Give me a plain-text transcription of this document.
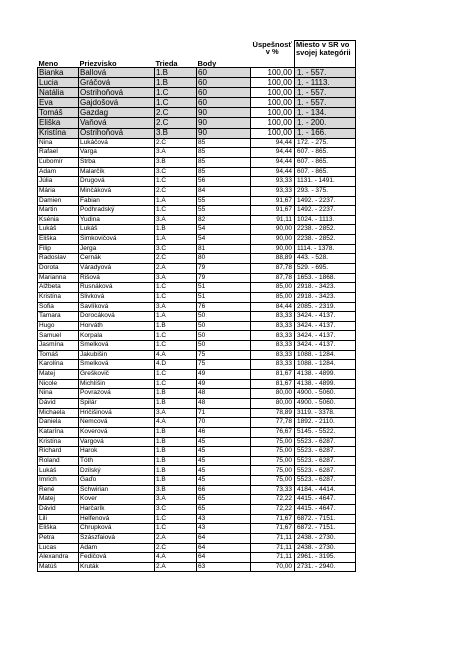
Meno	Priezvisko	Trieda	Body	Úspešnosť
v %	Miesto v SR vo
svojej kategórii
Bianka	Ballová	1.B	60	100,00	1. - 557.
Lucia	Gráčová	1.B	60	100,00	1. - 1113.
Natália	Ostrihoňová	1.C	60	100,00	1. - 557.
Eva	Gajdošová	1.C	60	100,00	1. - 557.
Tomáš	Gazdag	2.C	90	100,00	1. - 134.
Eliška	Vaňová	2.C	90	100,00	1. - 200.
Kristína	Ostrihoňová	3.B	90	100,00	1. - 166.
Nina	Lukáčová	2.C	85	94,44	172. - 275.
Rafael	Varga	3.A	85	94,44	607. - 865.
Ľubomír	Štrba	3.B	85	94,44	607. - 865.
Adam	Malarčík	3.C	85	94,44	607. - 865.
Júlia	Drugová	1.C	56	93,33	1131. - 1491.
Mária	Minčáková	2.C	84	93,33	293. - 375.
Damien	Fabian	1.A	55	91,67	1492. - 2237.
Martin	Podhradský	1.C	55	91,67	1492. - 2237.
Ksénia	Yudina	3.A	82	91,11	1024. - 1113.
Lukáš	Lukáš	1.B	54	90,00	2238. - 2852.
Eliška	Šimkovičová	1.A	54	90,00	2238. - 2852.
Filip	Jerga	3.C	81	90,00	1114. - 1378.
Radoslav	Černák	2.C	80	88,89	443. - 528.
Dorota	Váradyová	2.A	79	87,78	529. - 695.
Marianna	Rišová	3.A	79	87,78	1653. - 1868.
Alžbeta	Rusnáková	1.C	51	85,00	2918. - 3423.
Kristína	Slivková	1.C	51	85,00	2918. - 3423.
Sofia	Šavlíková	3.A	76	84,44	2085. - 2319.
Tamara	Dorocáková	1.A	50	83,33	3424. - 4137.
Hugo	Horváth	1.B	50	83,33	3424. - 4137.
Samuel	Korpala	1.C	50	83,33	3424. - 4137.
Jasmína	Šmelková	1.C	50	83,33	3424. - 4137.
Tomáš	Jakubišin	4.A	75	83,33	1088. - 1284.
Karolína	Šmelková	4.D	75	83,33	1088. - 1284.
Matej	Greškovič	1.C	49	81,67	4138. - 4899.
Nicole	Michlíšin	1.C	49	81,67	4138. - 4899.
Nina	Povrazová	1.B	48	80,00	4900. - 5060.
Dávid	Špilár	1.B	48	80,00	4900. - 5060.
Michaela	Hričišinová	3.A	71	78,89	3119. - 3378.
Daniela	Nemcová	4.A	70	77,78	1892. - 2110.
Katarína	Koverová	1.B	46	76,67	5145. - 5522.
Kristína	Vargová	1.B	45	75,00	5523. - 6287.
Richard	Harok	1.B	45	75,00	5523. - 6287.
Roland	Tóth	1.B	45	75,00	5523. - 6287.
Lukáš	Dzilský	1.B	45	75,00	5523. - 6287.
Imrich	Gaďo	1.B	45	75,00	5523. - 6287.
René	Schwirian	3.B	66	73,33	4184. - 4414.
Matej	Kover	3.A	65	72,22	4415. - 4647.
Dávid	Harčarík	3.C	65	72,22	4415. - 4647.
Lili	Helfenová	1.C	43	71,67	6872. - 7151.
Eliška	Chrupková	1.C	43	71,67	6872. - 7151.
Petra	Szászfaiová	2.A	64	71,11	2438. - 2730.
Lucas	Adam	2.C	64	71,11	2438. - 2730.
Alexandra	Fedičová	4.A	64	71,11	2961. - 3195.
Matúš	Kruták	2.A	63	70,00	2731. - 2940.
